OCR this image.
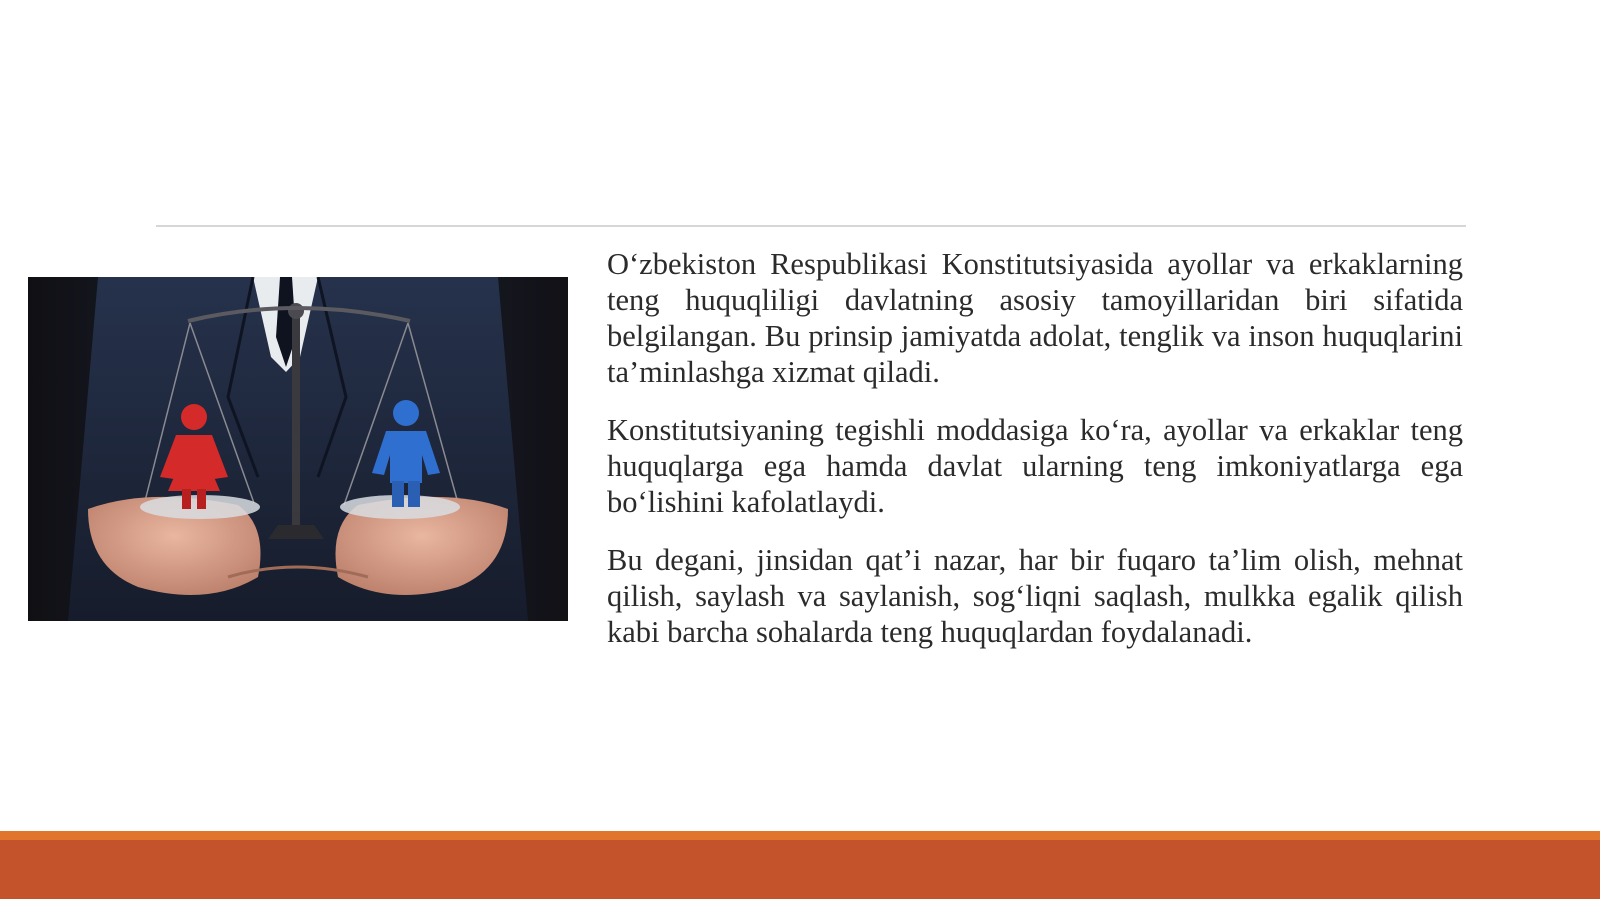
O‘zbekiston Respublikasi Konstitutsiyasida ayollar va erkaklarning teng huquqliligi davlatning asosiy tamoyillaridan biri sifatida belgilangan. Bu prinsip jamiyatda adolat, tenglik va inson huquqlarini ta’minlashga xizmat qiladi.

Konstitutsiyaning tegishli moddasiga ko‘ra, ayollar va erkaklar teng huquqlarga ega hamda davlat ularning teng imkoniyatlarga ega bo‘lishini kafolatlaydi.

Bu degani, jinsidan qat’i nazar, har bir fuqaro ta’lim olish, mehnat qilish, saylash va saylanish, sog‘liqni saqlash, mulkka egalik qilish kabi barcha sohalarda teng huquqlardan foydalanadi.
